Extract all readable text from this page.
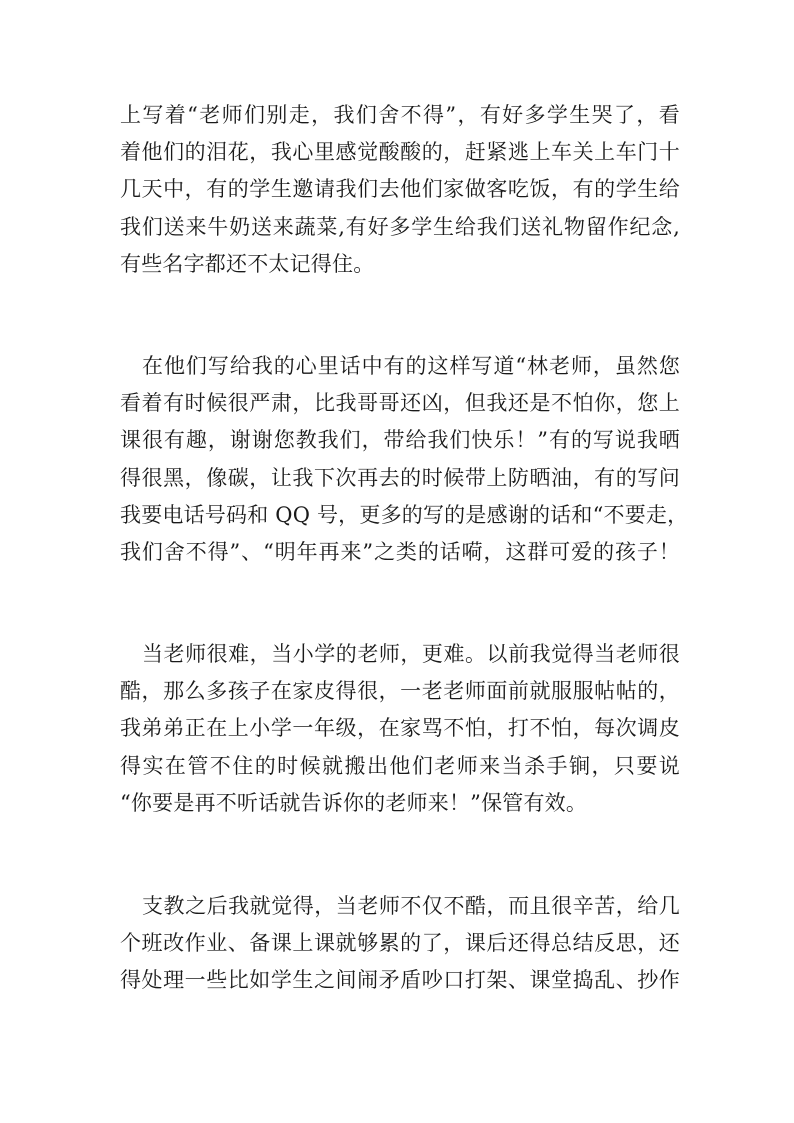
上写着“老师们别走，我们舍不得”，有好多学生哭了，看
着他们的泪花，我心里感觉酸酸的，赶紧逃上车关上车门十
几天中，有的学生邀请我们去他们家做客吃饭，有的学生给
我们送来牛奶送来蔬菜,有好多学生给我们送礼物留作纪念,
有些名字都还不太记得住。
在他们写给我的心里话中有的这样写道“林老师，虽然您
看着有时候很严肃，比我哥哥还凶，但我还是不怕你，您上
课很有趣，谢谢您教我们，带给我们快乐！”有的写说我晒
得很黑，像碳，让我下次再去的时候带上防晒油，有的写问
我要电话号码和 QQ 号，更多的写的是感谢的话和“不要走，
我们舍不得”、“明年再来”之类的话嗬，这群可爱的孩子！
当老师很难，当小学的老师，更难。以前我觉得当老师很
酷，那么多孩子在家皮得很，一老老师面前就服服帖帖的，
我弟弟正在上小学一年级，在家骂不怕，打不怕，每次调皮
得实在管不住的时候就搬出他们老师来当杀手锏，只要说
“你要是再不听话就告诉你的老师来！”保管有效。
支教之后我就觉得，当老师不仅不酷，而且很辛苦，给几
个班改作业、备课上课就够累的了，课后还得总结反思，还
得处理一些比如学生之间闹矛盾吵口打架、课堂捣乱、抄作
